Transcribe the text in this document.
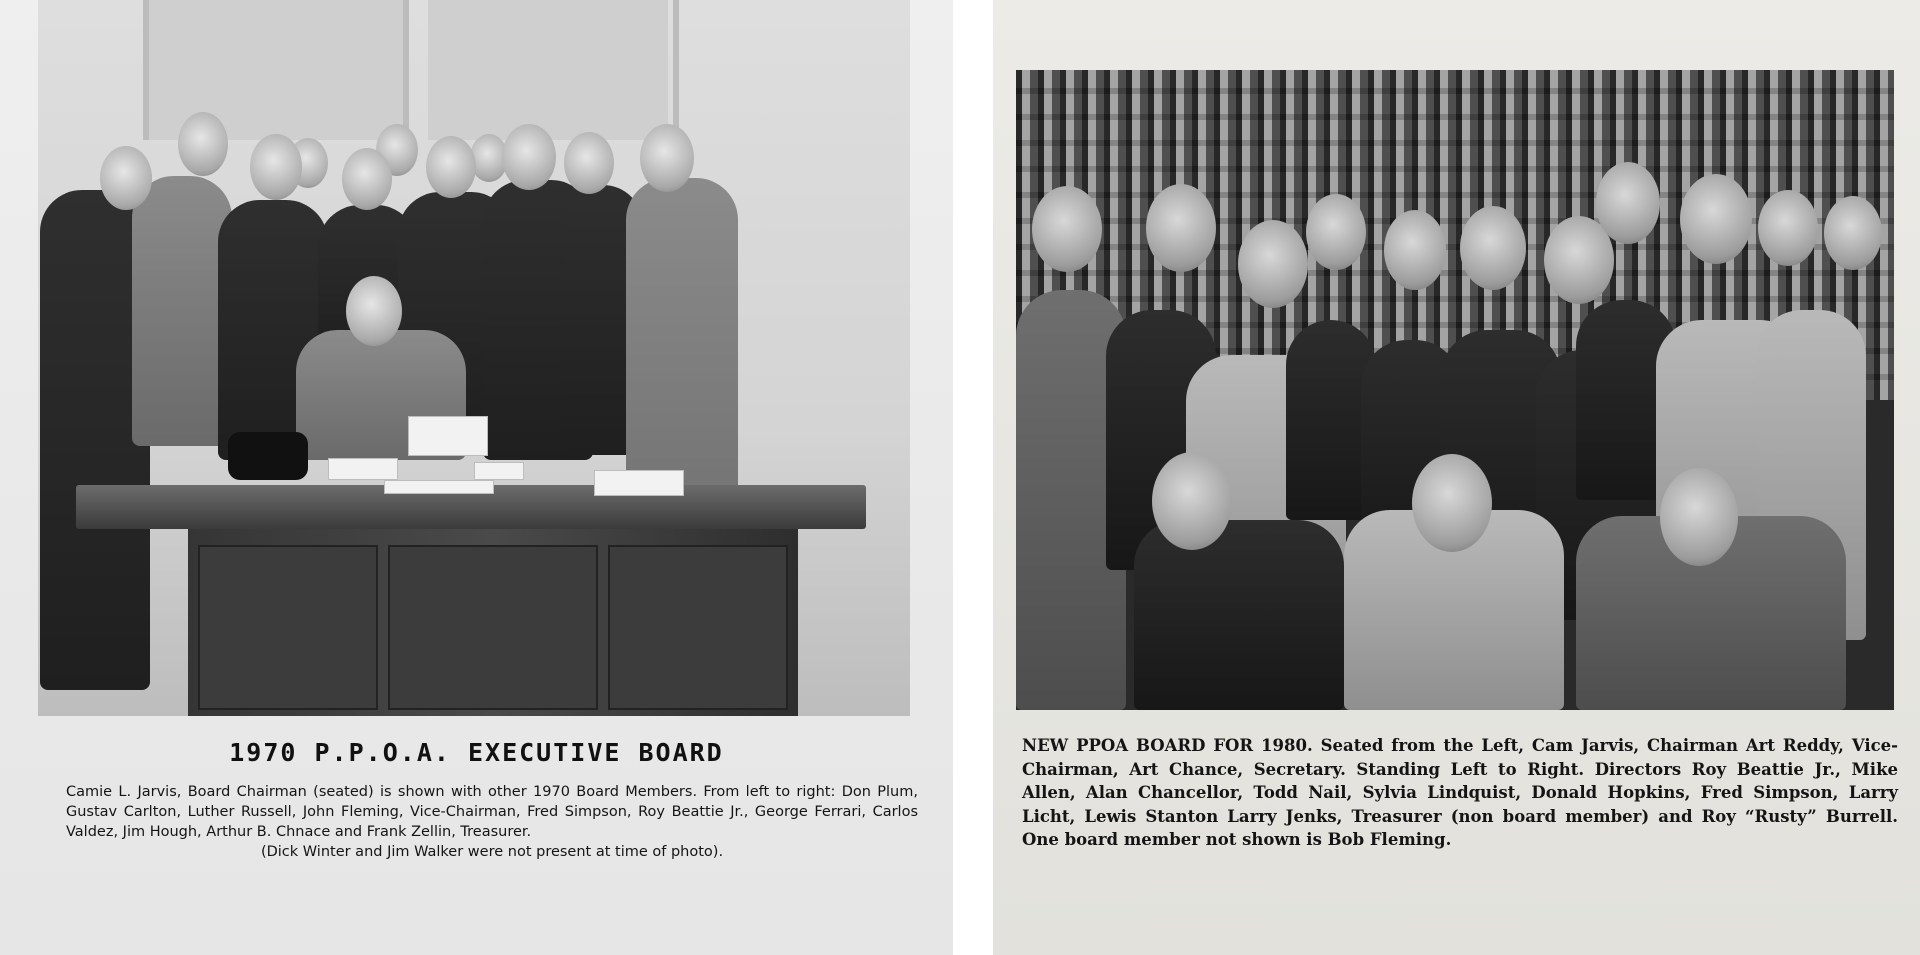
1970 P.P.O.A. EXECUTIVE BOARD
Camie L. Jarvis, Board Chairman (seated) is shown with other 1970 Board Members. From left to right: Don Plum, Gustav Carlton, Luther Russell, John Fleming, Vice-Chairman, Fred Simpson, Roy Beattie Jr., George Ferrari, Carlos Valdez, Jim Hough, Arthur B. Chnace and Frank Zellin, Treasurer.
(Dick Winter and Jim Walker were not present at time of photo).
NEW PPOA BOARD FOR 1980. Seated from the Left, Cam Jarvis, Chairman Art Reddy, Vice-Chairman, Art Chance, Secretary. Standing Left to Right. Directors Roy Beattie Jr., Mike Allen, Alan Chancellor, Todd Nail, Sylvia Lindquist, Donald Hopkins, Fred Simpson, Larry Licht, Lewis Stanton Larry Jenks, Treasurer (non board member) and Roy “Rusty” Burrell. One board member not shown is Bob Fleming.
